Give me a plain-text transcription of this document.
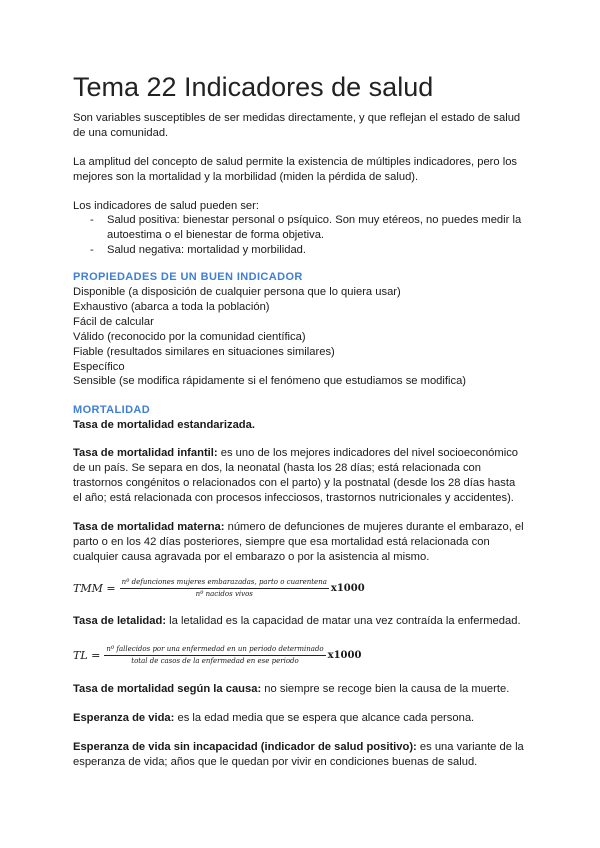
Tema 22 Indicadores de salud

Son variables susceptibles de ser medidas directamente, y que reflejan el estado de salud de una comunidad.

La amplitud del concepto de salud permite la existencia de múltiples indicadores, pero los mejores son la mortalidad y la morbilidad (miden la pérdida de salud).

Los indicadores de salud pueden ser:

- Salud positiva: bienestar personal o psíquico. Son muy etéreos, no puedes medir la autoestima o el bienestar de forma objetiva.
- Salud negativa: mortalidad y morbilidad.
PROPIEDADES DE UN BUEN INDICADOR
Disponible (a disposición de cualquier persona que lo quiera usar)
Exhaustivo (abarca a toda la población)
Fácil de calcular
Válido (reconocido por la comunidad científica)
Fiable (resultados similares en situaciones similares)
Específico
Sensible (se modifica rápidamente si el fenómeno que estudiamos se modifica)
MORTALIDAD

Tasa de mortalidad estandarizada.

Tasa de mortalidad infantil: es uno de los mejores indicadores del nivel socioeconómico de un país. Se separa en dos, la neonatal (hasta los 28 días; está relacionada con trastornos congénitos o relacionados con el parto) y la postnatal (desde los 28 días hasta el año; está relacionada con procesos infecciosos, trastornos nutricionales y accidentes).

Tasa de mortalidad materna: número de defunciones de mujeres durante el embarazo, el parto o en los 42 días posteriores, siempre que esa mortalidad está relacionada con cualquier causa agravada por el embarazo o por la asistencia al mismo.

TMM = $\frac{\text{nº defunciones mujeres embarazadas, parto o cuarentena}}{\text{nº nacidos vivos}} x1000$

Tasa de letalidad: la letalidad es la capacidad de matar una vez contraída la enfermedad.

TL = $\frac{\text{nº fallecidos por una enfermedad en un periodo determinado}}{\text{total de casos de la enfermedad en ese periodo}} x1000$

Tasa de mortalidad según la causa: no siempre se recoge bien la causa de la muerte.

Esperanza de vida: es la edad media que se espera que alcance cada persona.

Esperanza de vida sin incapacidad (indicador de salud positivo): es una variante de la esperanza de vida; años que le quedan por vivir en condiciones buenas de salud.
